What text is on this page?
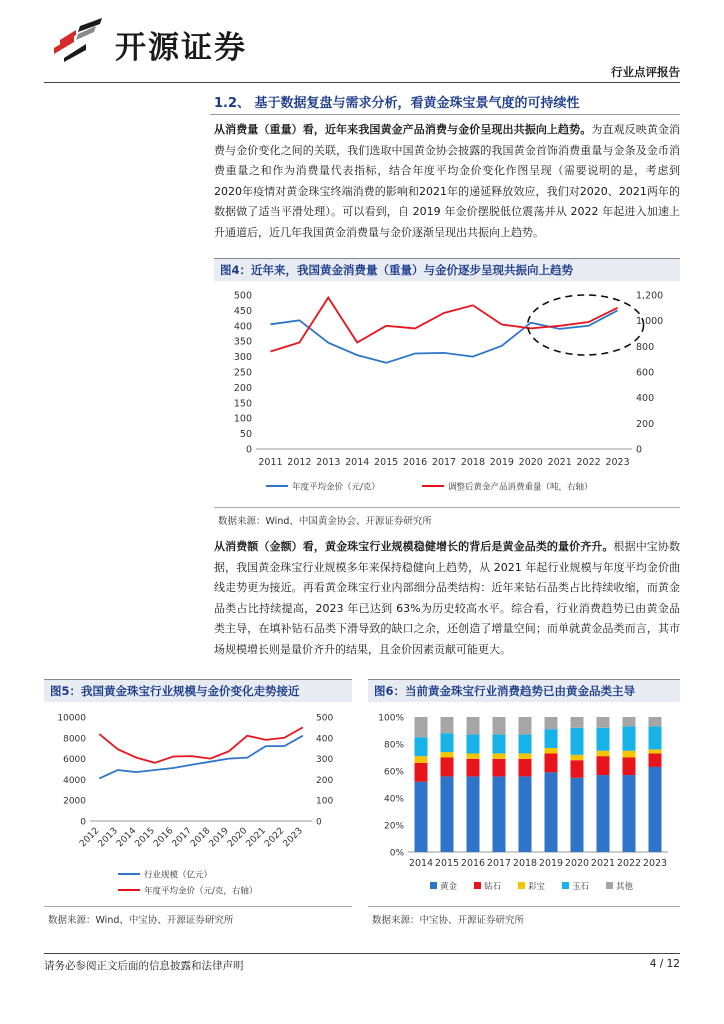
开源证券
行业点评报告
1.2、 基于数据复盘与需求分析，看黄金珠宝景气度的可持续性
从消费量（重量）看，近年来我国黄金产品消费与金价呈现出共振向上趋势。为直观反映黄金消费与金价变化之间的关联，我们选取中国黄金协会披露的我国黄金首饰消费重量与金条及金币消费重量之和作为消费量代表指标，结合年度平均金价变化作图呈现（需要说明的是，考虑到2020年疫情对黄金珠宝终端消费的影响和2021年的递延释放效应，我们对2020、2021两年的数据做了适当平滑处理）。可以看到，自 2019 年金价摆脱低位震荡并从 2022 年起进入加速上升通道后，近几年我国黄金消费量与金价逐渐呈现出共振向上趋势。
图4：近年来，我国黄金消费量（重量）与金价逐步呈现共振向上趋势
0
50
100
150
200
250
300
350
400
450
500
0
200
400
600
800
1,000
1,200
2011 2012 2013 2014 2015 2016 2017 2018 2019 2020 2021 2022 2023
年度平均金价（元/克）	调整后黄金产品消费重量（吨，右轴）
数据来源：Wind、中国黄金协会、开源证券研究所
从消费额（金额）看，黄金珠宝行业规模稳健增长的背后是黄金品类的量价齐升。根据中宝协数据，我国黄金珠宝行业规模多年来保持稳健向上趋势，从 2021 年起行业规模与年度平均金价曲线走势更为接近。再看黄金珠宝行业内部细分品类结构：近年来钻石品类占比持续收缩，而黄金品类占比持续提高，2023 年已达到 63%为历史较高水平。综合看，行业消费趋势已由黄金品类主导，在填补钻石品类下滑导致的缺口之余，还创造了增量空间；而单就黄金品类而言，其市场规模增长则是量价齐升的结果，且金价因素贡献可能更大。
图5：我国黄金珠宝行业规模与金价变化走势接近
0
2000
4000
6000
8000
10000
0
100
200
300
400
500
2012
2013
2014
2015
2016
2017
2018
2019
2020
2021
2022
2023
行业规模（亿元）
年度平均金价（元/克，右轴）
数据来源：Wind、中宝协、开源证券研究所
图6：当前黄金珠宝行业消费趋势已由黄金品类主导
0%
20%
40%
60%
80%
100%
2014 2015 2016 2017 2018 2019 2020 2021 2022 2023
黄金	钻石	彩宝	玉石	其他
数据来源：中宝协、开源证券研究所
请务必参阅正文后面的信息披露和法律声明	4 / 12
